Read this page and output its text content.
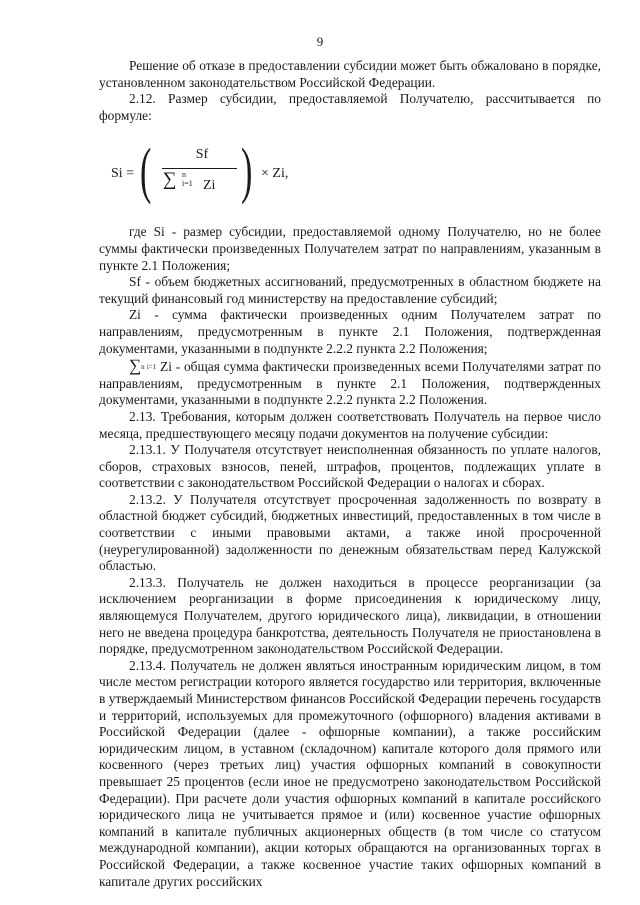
9

Решение об отказе в предоставлении субсидии может быть обжаловано в порядке, установленном законодательством Российской Федерации.

2.12. Размер субсидии, предоставляемой Получателю, рассчитывается по формуле:

Si = (	Sf
∑ n i=1 Zi ) × Zi,

где Si - размер субсидии, предоставляемой одному Получателю, но не более суммы фактически произведенных Получателем затрат по направлениям, указанным в пункте 2.1 Положения;

Sf - объем бюджетных ассигнований, предусмотренных в областном бюджете на текущий финансовый год министерству на предоставление субсидий;

Zi - сумма фактически произведенных одним Получателем затрат по направлениям, предусмотренным в пункте 2.1 Положения, подтвержденная документами, указанными в подпункте 2.2.2 пункта 2.2 Положения;

∑n i=1 Zi - общая сумма фактически произведенных всеми Получателями затрат по направлениям, предусмотренным в пункте 2.1 Положения, подтвержденных документами, указанными в подпункте 2.2.2 пункта 2.2 Положения.

2.13. Требования, которым должен соответствовать Получатель на первое число месяца, предшествующего месяцу подачи документов на получение субсидии:

2.13.1. У Получателя отсутствует неисполненная обязанность по уплате налогов, сборов, страховых взносов, пеней, штрафов, процентов, подлежащих уплате в соответствии с законодательством Российской Федерации о налогах и сборах.

2.13.2. У Получателя отсутствует просроченная задолженность по возврату в областной бюджет субсидий, бюджетных инвестиций, предоставленных в том числе в соответствии с иными правовыми актами, а также иной просроченной (неурегулированной) задолженности по денежным обязательствам перед Калужской областью.

2.13.3. Получатель не должен находиться в процессе реорганизации (за исключением реорганизации в форме присоединения к юридическому лицу, являющемуся Получателем, другого юридического лица), ликвидации, в отношении него не введена процедура банкротства, деятельность Получателя не приостановлена в порядке, предусмотренном законодательством Российской Федерации.

2.13.4. Получатель не должен являться иностранным юридическим лицом, в том числе местом регистрации которого является государство или территория, включенные в утверждаемый Министерством финансов Российской Федерации перечень государств и территорий, используемых для промежуточного (офшорного) владения активами в Российской Федерации (далее - офшорные компании), а также российским юридическим лицом, в уставном (складочном) капитале которого доля прямого или косвенного (через третьих лиц) участия офшорных компаний в совокупности превышает 25 процентов (если иное не предусмотрено законодательством Российской Федерации). При расчете доли участия офшорных компаний в капитале российского юридического лица не учитывается прямое и (или) косвенное участие офшорных компаний в капитале публичных акционерных обществ (в том числе со статусом международной компании), акции которых обращаются на организованных торгах в Российской Федерации, а также косвенное участие таких офшорных компаний в капитале других российских
